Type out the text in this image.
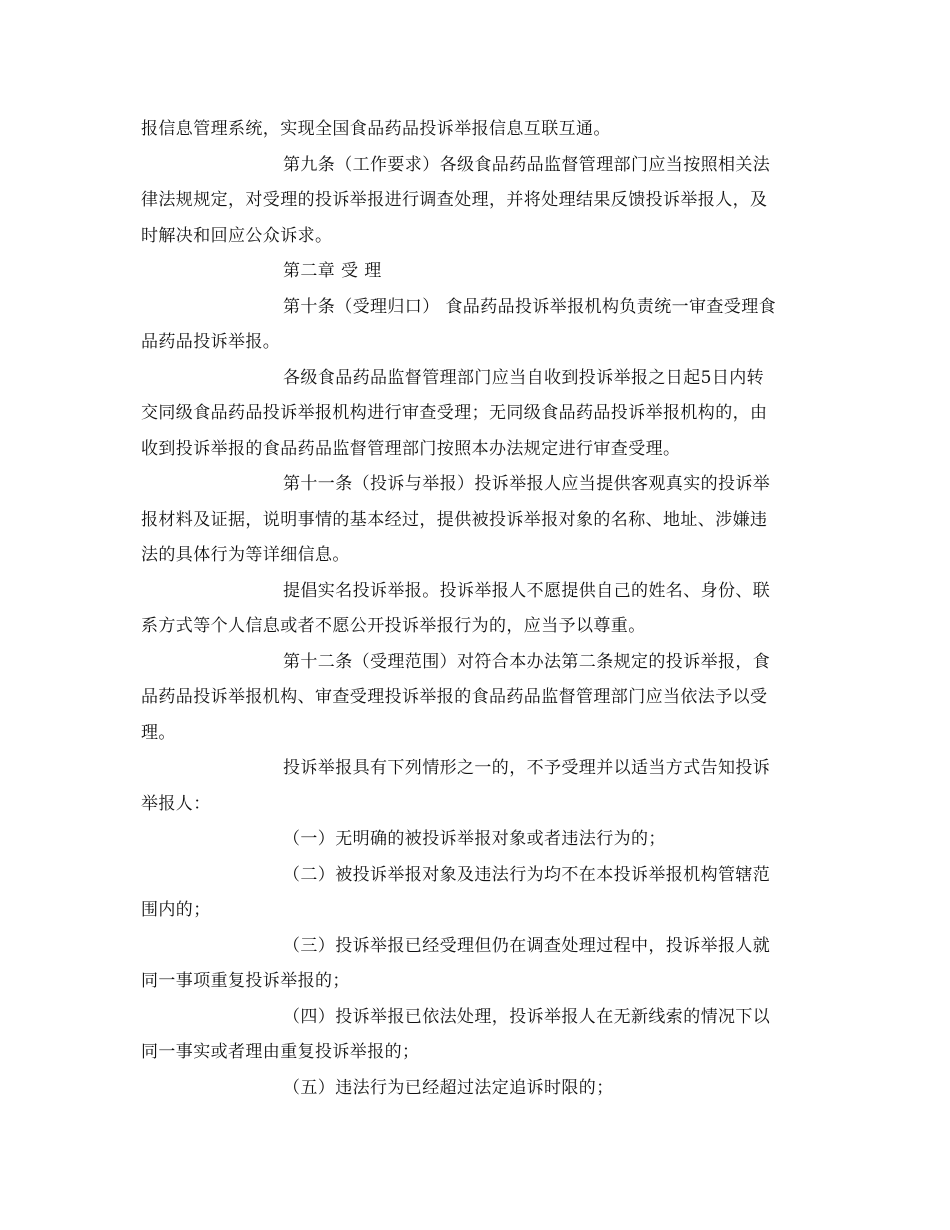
报信息管理系统，实现全国食品药品投诉举报信息互联互通。
第九条（工作要求）各级食品药品监督管理部门应当按照相关法
律法规规定，对受理的投诉举报进行调查处理，并将处理结果反馈投诉举报人，及
时解决和回应公众诉求。
第二章 受 理
第十条（受理归口） 食品药品投诉举报机构负责统一审查受理食
品药品投诉举报。
各级食品药品监督管理部门应当自收到投诉举报之日起5日内转
交同级食品药品投诉举报机构进行审查受理；无同级食品药品投诉举报机构的，由
收到投诉举报的食品药品监督管理部门按照本办法规定进行审查受理。
第十一条（投诉与举报）投诉举报人应当提供客观真实的投诉举
报材料及证据，说明事情的基本经过，提供被投诉举报对象的名称、地址、涉嫌违
法的具体行为等详细信息。
提倡实名投诉举报。投诉举报人不愿提供自己的姓名、身份、联
系方式等个人信息或者不愿公开投诉举报行为的，应当予以尊重。
第十二条（受理范围）对符合本办法第二条规定的投诉举报，食
品药品投诉举报机构、审查受理投诉举报的食品药品监督管理部门应当依法予以受
理。
投诉举报具有下列情形之一的，不予受理并以适当方式告知投诉
举报人：
（一）无明确的被投诉举报对象或者违法行为的；
（二）被投诉举报对象及违法行为均不在本投诉举报机构管辖范
围内的；
（三）投诉举报已经受理但仍在调查处理过程中，投诉举报人就
同一事项重复投诉举报的；
（四）投诉举报已依法处理，投诉举报人在无新线索的情况下以
同一事实或者理由重复投诉举报的；
（五）违法行为已经超过法定追诉时限的；
